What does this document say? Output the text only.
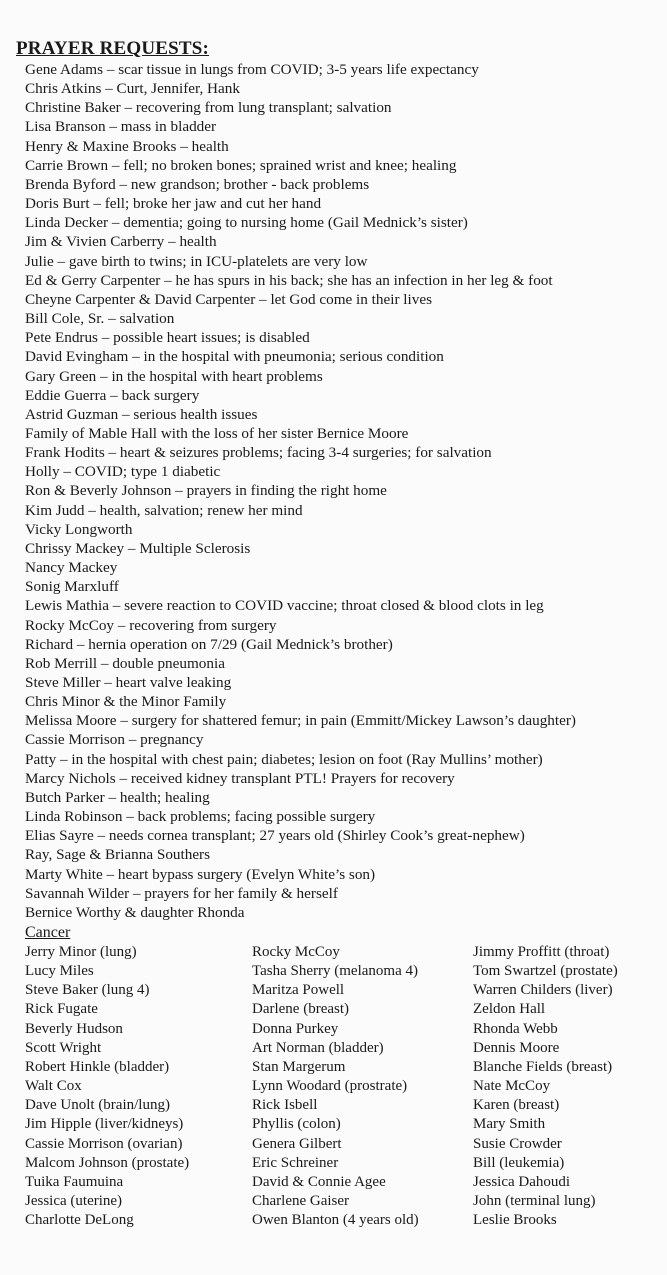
PRAYER REQUESTS:
Gene Adams – scar tissue in lungs from COVID; 3-5 years life expectancy
Chris Atkins – Curt, Jennifer, Hank
Christine Baker – recovering from lung transplant; salvation
Lisa Branson – mass in bladder
Henry & Maxine Brooks – health
Carrie Brown – fell; no broken bones; sprained wrist and knee; healing
Brenda Byford – new grandson; brother - back problems
Doris Burt – fell; broke her jaw and cut her hand
Linda Decker – dementia; going to nursing home (Gail Mednick’s sister)
Jim & Vivien Carberry – health
Julie – gave birth to twins; in ICU-platelets are very low
Ed & Gerry Carpenter – he has spurs in his back; she has an infection in her leg & foot
Cheyne Carpenter & David Carpenter – let God come in their lives
Bill Cole, Sr. – salvation
Pete Endrus – possible heart issues; is disabled
David Evingham – in the hospital with pneumonia; serious condition
Gary Green – in the hospital with heart problems
Eddie Guerra – back surgery
Astrid Guzman – serious health issues
Family of Mable Hall with the loss of her sister Bernice Moore
Frank Hodits – heart & seizures problems; facing 3-4 surgeries; for salvation
Holly – COVID; type 1 diabetic
Ron & Beverly Johnson – prayers in finding the right home
Kim Judd – health, salvation; renew her mind
Vicky Longworth
Chrissy Mackey – Multiple Sclerosis
Nancy Mackey
Sonig Marxluff
Lewis Mathia – severe reaction to COVID vaccine; throat closed & blood clots in leg
Rocky McCoy – recovering from surgery
Richard – hernia operation on 7/29 (Gail Mednick’s brother)
Rob Merrill – double pneumonia
Steve Miller – heart valve leaking
Chris Minor & the Minor Family
Melissa Moore – surgery for shattered femur; in pain (Emmitt/Mickey Lawson’s daughter)
Cassie Morrison – pregnancy
Patty – in the hospital with chest pain; diabetes; lesion on foot (Ray Mullins’ mother)
Marcy Nichols – received kidney transplant PTL! Prayers for recovery
Butch Parker – health; healing
Linda Robinson – back problems; facing possible surgery
Elias Sayre – needs cornea transplant; 27 years old (Shirley Cook’s great-nephew)
Ray, Sage & Brianna Southers
Marty White – heart bypass surgery (Evelyn White’s son)
Savannah Wilder – prayers for her family & herself
Bernice Worthy & daughter Rhonda
Cancer
Jerry Minor (lung)
Lucy Miles
Steve Baker (lung 4)
Rick Fugate
Beverly Hudson
Scott Wright
Robert Hinkle (bladder)
Walt Cox
Dave Unolt (brain/lung)
Jim Hipple (liver/kidneys)
Cassie Morrison (ovarian)
Malcom Johnson (prostate)
Tuika Faumuina
Jessica (uterine)
Charlotte DeLong
Rocky McCoy
Tasha Sherry (melanoma 4)
Maritza Powell
Darlene (breast)
Donna Purkey
Art Norman (bladder)
Stan Margerum
Lynn Woodard (prostrate)
Rick Isbell
Phyllis (colon)
Genera Gilbert
Eric Schreiner
David & Connie Agee
Charlene Gaiser
Owen Blanton (4 years old)
Jimmy Proffitt (throat)
Tom Swartzel (prostate)
Warren Childers (liver)
Zeldon Hall
Rhonda Webb
Dennis Moore
Blanche Fields (breast)
Nate McCoy
Karen (breast)
Mary Smith
Susie Crowder
Bill (leukemia)
Jessica Dahoudi
John (terminal lung)
Leslie Brooks
